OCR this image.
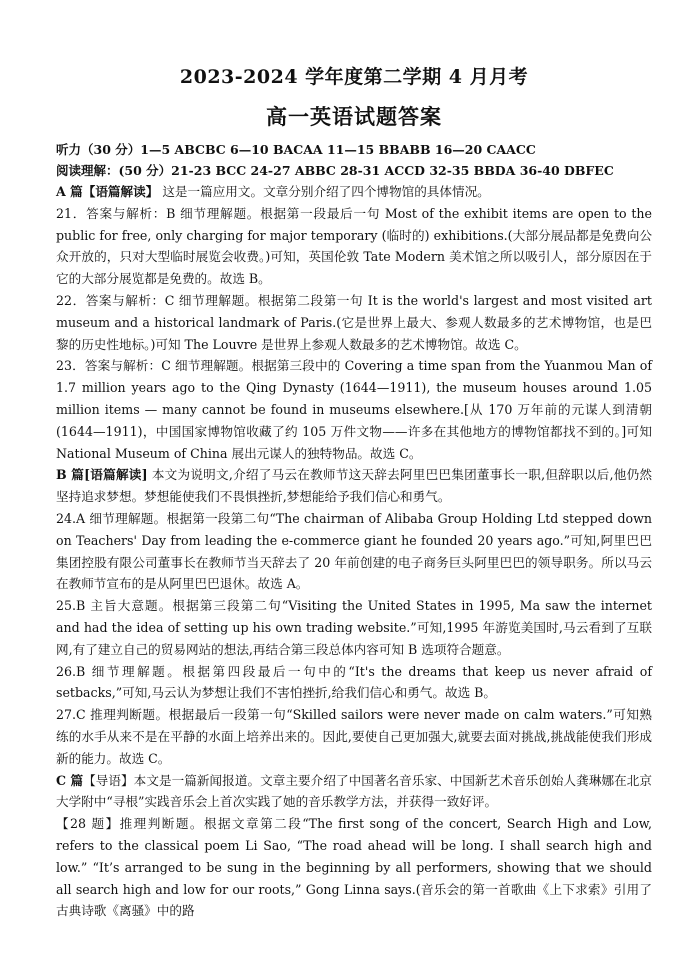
2023-2024 学年度第二学期 4 月月考
高一英语试题答案

听力（30 分）1—5 ABCBC 6—10 BACAA 11—15 BBABB 16—20 CAACC

阅读理解：(50 分）21-23 BCC 24-27 ABBC 28-31 ACCD 32-35 BBDA 36-40 DBFEC

A 篇【语篇解读】 这是一篇应用文。文章分别介绍了四个博物馆的具体情况。

21．答案与解析：B 细节理解题。根据第一段最后一句 Most of the exhibit items are open to the public for free, only charging for major temporary (临时的) exhibitions.(大部分展品都是免费向公众开放的，只对大型临时展览会收费。)可知，英国伦敦 Tate Modern 美术馆之所以吸引人，部分原因在于它的大部分展览都是免费的。故选 B。

22．答案与解析：C 细节理解题。根据第二段第一句 It is the world's largest and most visited art museum and a historical landmark of Paris.(它是世界上最大、参观人数最多的艺术博物馆，也是巴黎的历史性地标。)可知 The Louvre 是世界上参观人数最多的艺术博物馆。故选 C。

23．答案与解析：C 细节理解题。根据第三段中的 Covering a time span from the Yuanmou Man of 1.7 million years ago to the Qing Dynasty (1644—1911), the museum houses around 1.05 million items — many cannot be found in museums elsewhere.[从 170 万年前的元谋人到清朝(1644—1911)，中国国家博物馆收藏了约 105 万件文物——许多在其他地方的博物馆都找不到的。]可知 National Museum of China 展出元谋人的独特物品。故选 C。

B 篇[语篇解读] 本文为说明文,介绍了马云在教师节这天辞去阿里巴巴集团董事长一职,但辞职以后,他仍然坚持追求梦想。梦想能使我们不畏惧挫折,梦想能给予我们信心和勇气。

24.A 细节理解题。根据第一段第二句“The chairman of Alibaba Group Holding Ltd stepped down on Teachers' Day from leading the e-commerce giant he founded 20 years ago.”可知,阿里巴巴集团控股有限公司董事长在教师节当天辞去了 20 年前创建的电子商务巨头阿里巴巴的领导职务。所以马云在教师节宣布的是从阿里巴巴退休。故选 A。

25.B 主旨大意题。根据第三段第二句“Visiting the United States in 1995, Ma saw the internet and had the idea of setting up his own trading website.”可知,1995 年游览美国时,马云看到了互联网,有了建立自己的贸易网站的想法,再结合第三段总体内容可知 B 选项符合题意。

26.B 细节理解题。根据第四段最后一句中的“It's the dreams that keep us never afraid of setbacks,”可知,马云认为梦想让我们不害怕挫折,给我们信心和勇气。故选 B。

27.C 推理判断题。根据最后一段第一句“Skilled sailors were never made on calm waters.”可知熟练的水手从来不是在平静的水面上培养出来的。因此,要使自己更加强大,就要去面对挑战,挑战能使我们形成新的能力。故选 C。

C 篇【导语】本文是一篇新闻报道。文章主要介绍了中国著名音乐家、中国新艺术音乐创始人龚琳娜在北京大学附中“寻根”实践音乐会上首次实践了她的音乐教学方法，并获得一致好评。

【28 题】推理判断题。根据文章第二段“The first song of the concert, Search High and Low, refers to the classical poem Li Sao, “The road ahead will be long. I shall search high and low.” “It’s arranged to be sung in the beginning by all performers, showing that we should all search high and low for our roots,” Gong Linna says.(音乐会的第一首歌曲《上下求索》引用了古典诗歌《离骚》中的路
